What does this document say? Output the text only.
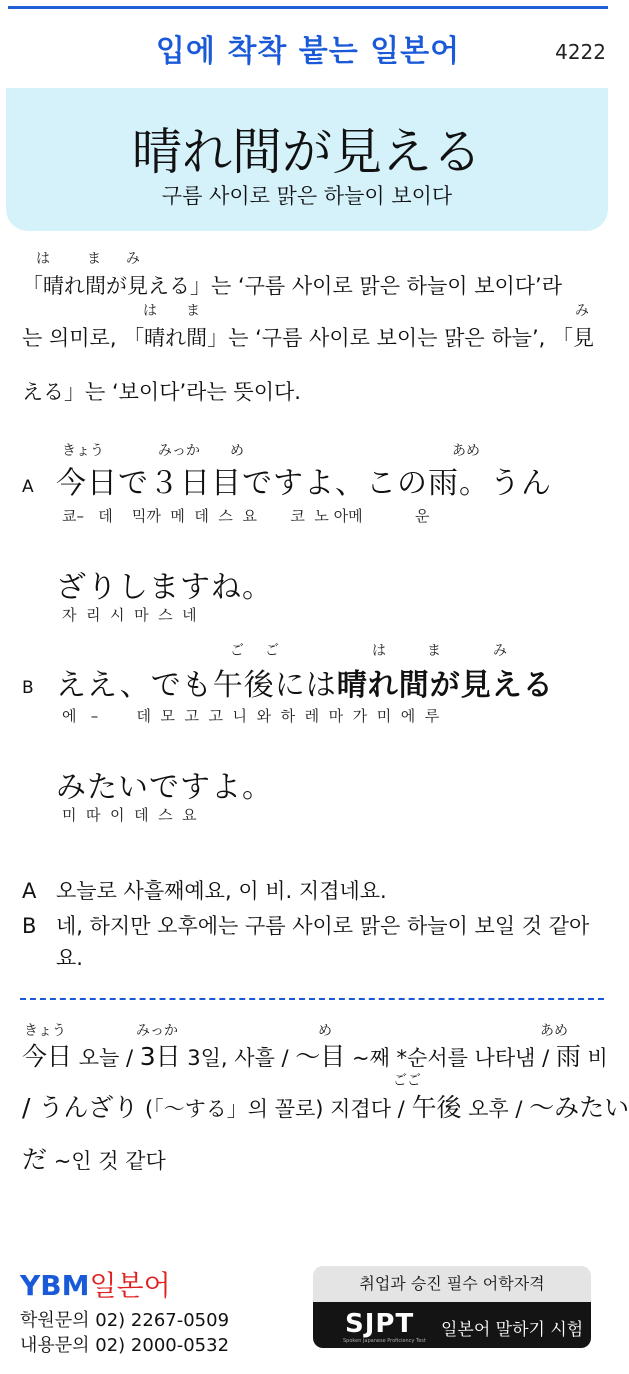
입에 착착 붙는 일본어	4222
晴れ間が見える
구름 사이로 맑은 하늘이 보이다
は	ま み
「晴れ間が見える」는 ‘구름 사이로 맑은 하늘이 보이다’라
は ま	み
는 의미로, 「晴れ間」는 ‘구름 사이로 보이는 맑은 하늘’, 「見
える」는 ‘보이다’라는 뜻이다.
きょう	みっか め	あめ
A 今日で３日目ですよ、この雨。うん
쿄–   데    믹까  메  데  스  요       코  노 아메           운
ざりしますね。
자  리  시  마  스  네
ご ご	は	ま	み
B ええ、でも午後には晴れ間が見える
에   –        데  모  고  고  니  와  하  레  마  가  미  에  루
みたいですよ。
미  따  이  데  스  요
A 오늘로 사흘째예요, 이 비. 지겹네요.
B 네, 하지만 오후에는 구름 사이로 맑은 하늘이 보일 것 같아요.
きょう	みっか	め	あめ
今日 오늘 / 3日 3일, 사흘 / 〜目 ~째 *순서를 나타냄 / 雨 비
ごご
/ うんざり (「〜する」의 꼴로) 지겹다 / 午後 오후 / 〜みたい
だ ~인 것 같다
YBM일본어
학원문의 02) 2267-0509
내용문의 02) 2000-0532
취업과 승진 필수 어학자격
SJPT
Spoken Japanese Proficiency Test
일본어 말하기 시험
